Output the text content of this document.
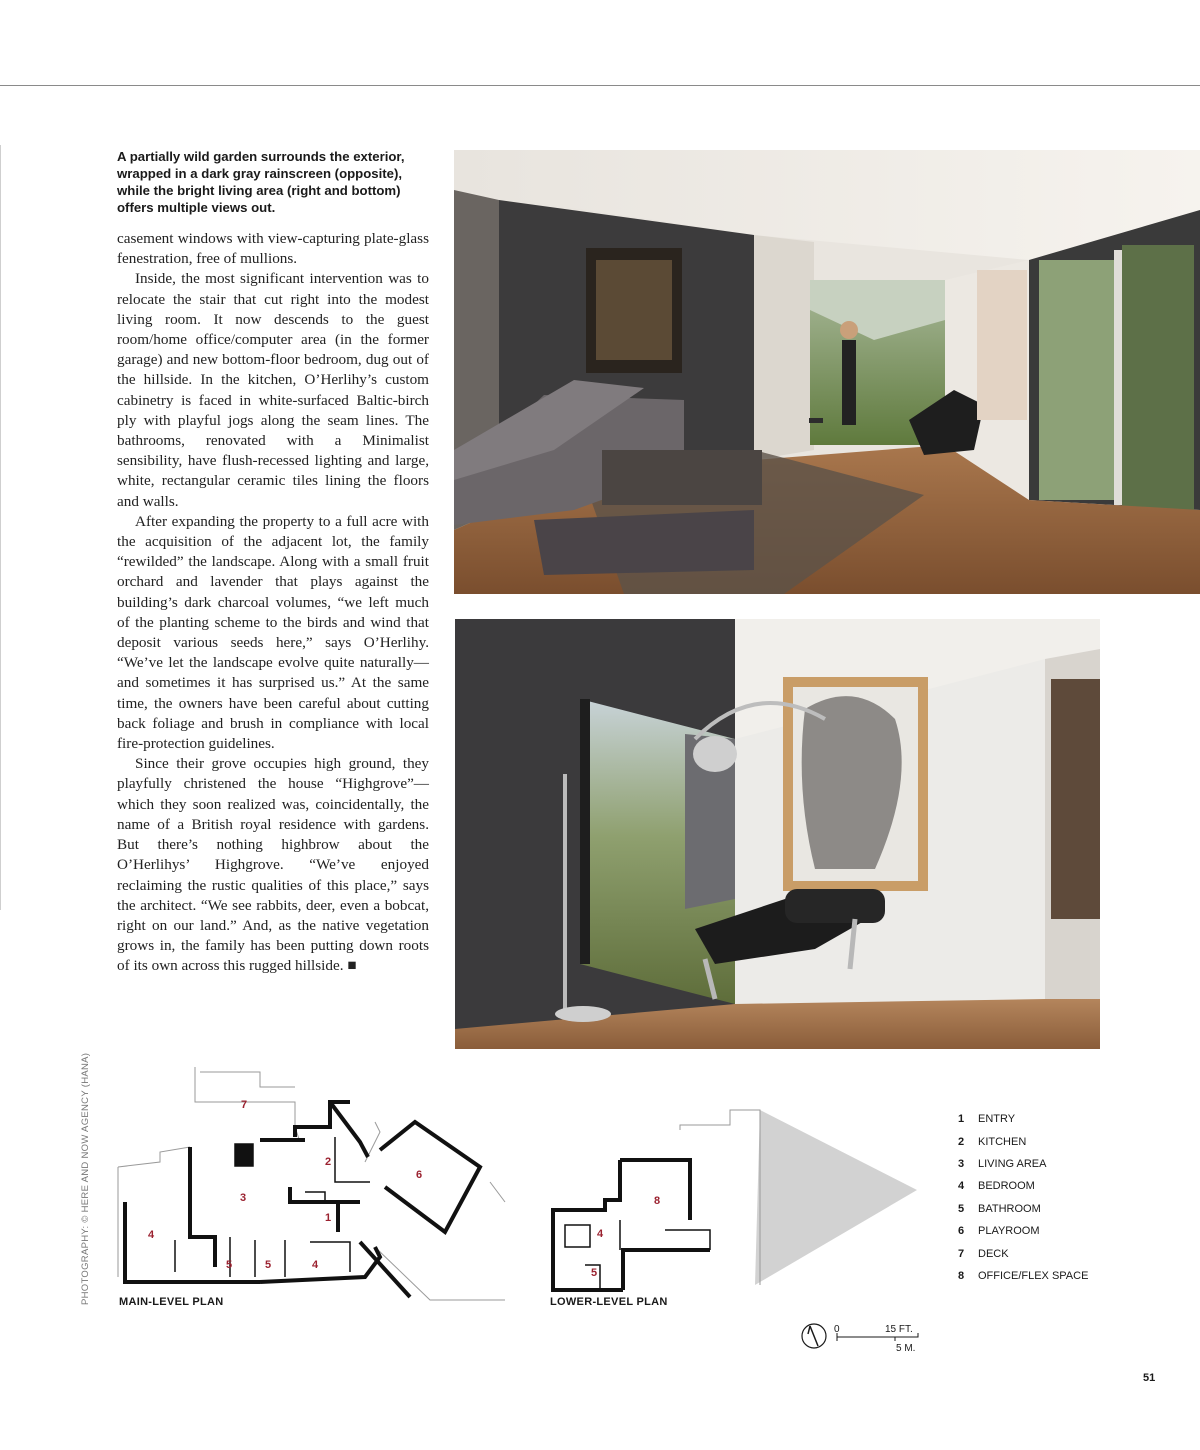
A partially wild garden surrounds the exterior, wrapped in a dark gray rainscreen (opposite), while the bright living area (right and bottom) offers multiple views out.

casement windows with view-capturing plate-glass fenestration, free of mullions.

Inside, the most significant intervention was to relocate the stair that cut right into the modest living room. It now descends to the guest room/home office/computer area (in the former garage) and new bottom-floor bedroom, dug out of the hillside. In the kitchen, O’Herlihy’s custom cabinetry is faced in white-surfaced Baltic-birch ply with playful jogs along the seam lines. The bathrooms, renovated with a Minimalist sensibility, have flush-recessed lighting and large, white, rectangular ceramic tiles lining the floors and walls.

After expanding the property to a full acre with the acquisition of the adjacent lot, the family “rewilded” the landscape. Along with a small fruit orchard and lavender that plays against the building’s dark charcoal volumes, “we left much of the planting scheme to the birds and wind that deposit various seeds here,” says O’Herlihy. “We’ve let the landscape evolve quite naturally—and sometimes it has surprised us.” At the same time, the owners have been careful about cutting back foliage and brush in compliance with local fire-protection guidelines.

Since their grove occupies high ground, they playfully christened the house “Highgrove”—which they soon realized was, coincidentally, the name of a British royal residence with gardens. But there’s nothing highbrow about the O’Herlihys’ Highgrove. “We’ve enjoyed reclaiming the rustic qualities of this place,” says the architect. “We see rabbits, deer, even a bobcat, right on our land.” And, as the native vegetation grows in, the family has been putting down roots of its own across this rugged hillside. ■

7
2
6
3
1
4
5	5	4
8
4
5
MAIN-LEVEL PLAN	LOWER-LEVEL PLAN
1	ENTRY
2	KITCHEN
3	LIVING AREA
4	BEDROOM
5	BATHROOM
6	PLAYROOM
7	DECK
8	OFFICE/FLEX SPACE
0	15 FT.
5 M.
PHOTOGRAPHY: © HERE AND NOW AGENCY (HANA)
51
